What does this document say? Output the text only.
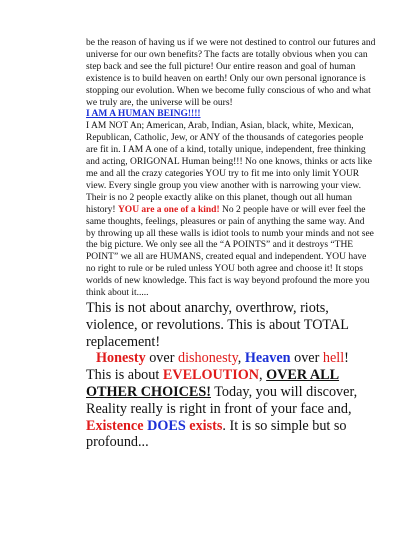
be the reason of having us if we were not destined to control our futures and universe for our own benefits? The facts are totally obvious when you can step back and see the full picture! Our entire reason and goal of human existence is to build heaven on earth! Only our own personal ignorance is stopping our evolution. When we become fully conscious of who and what we truly are, the universe will be ours!

I AM A HUMAN BEING!!!!

I AM NOT An; American, Arab, Indian, Asian, black, white, Mexican, Republican, Catholic, Jew, or ANY of the thousands of categories people are fit in. I AM A one of a kind, totally unique, independent, free thinking and acting, ORIGONAL Human being!!! No one knows, thinks or acts like me and all the crazy categories YOU try to fit me into only limit YOUR view. Every single group you view another with is narrowing your view. Their is no 2 people exactly alike on this planet, though out all human history! YOU are a one of a kind! No 2 people have or will ever feel the same thoughts, feelings, pleasures or pain of anything the same way. And by throwing up all these walls is idiot tools to numb your minds and not see the big picture. We only see all the “A POINTS” and it destroys “THE POINT” we all are HUMANS, created equal and independent. YOU have no right to rule or be ruled unless YOU both agree and choose it! It stops worlds of new knowledge. This fact is way beyond profound the more you think about it.....

This is not about anarchy, overthrow, riots, violence, or revolutions. This is about TOTAL replacement!

Honesty over dishonesty, Heaven over hell!

This is about EVELOUTION, OVER ALL OTHER CHOICES! Today, you will discover, Reality really is right in front of your face and, Existence DOES exists. It is so simple but so profound...
